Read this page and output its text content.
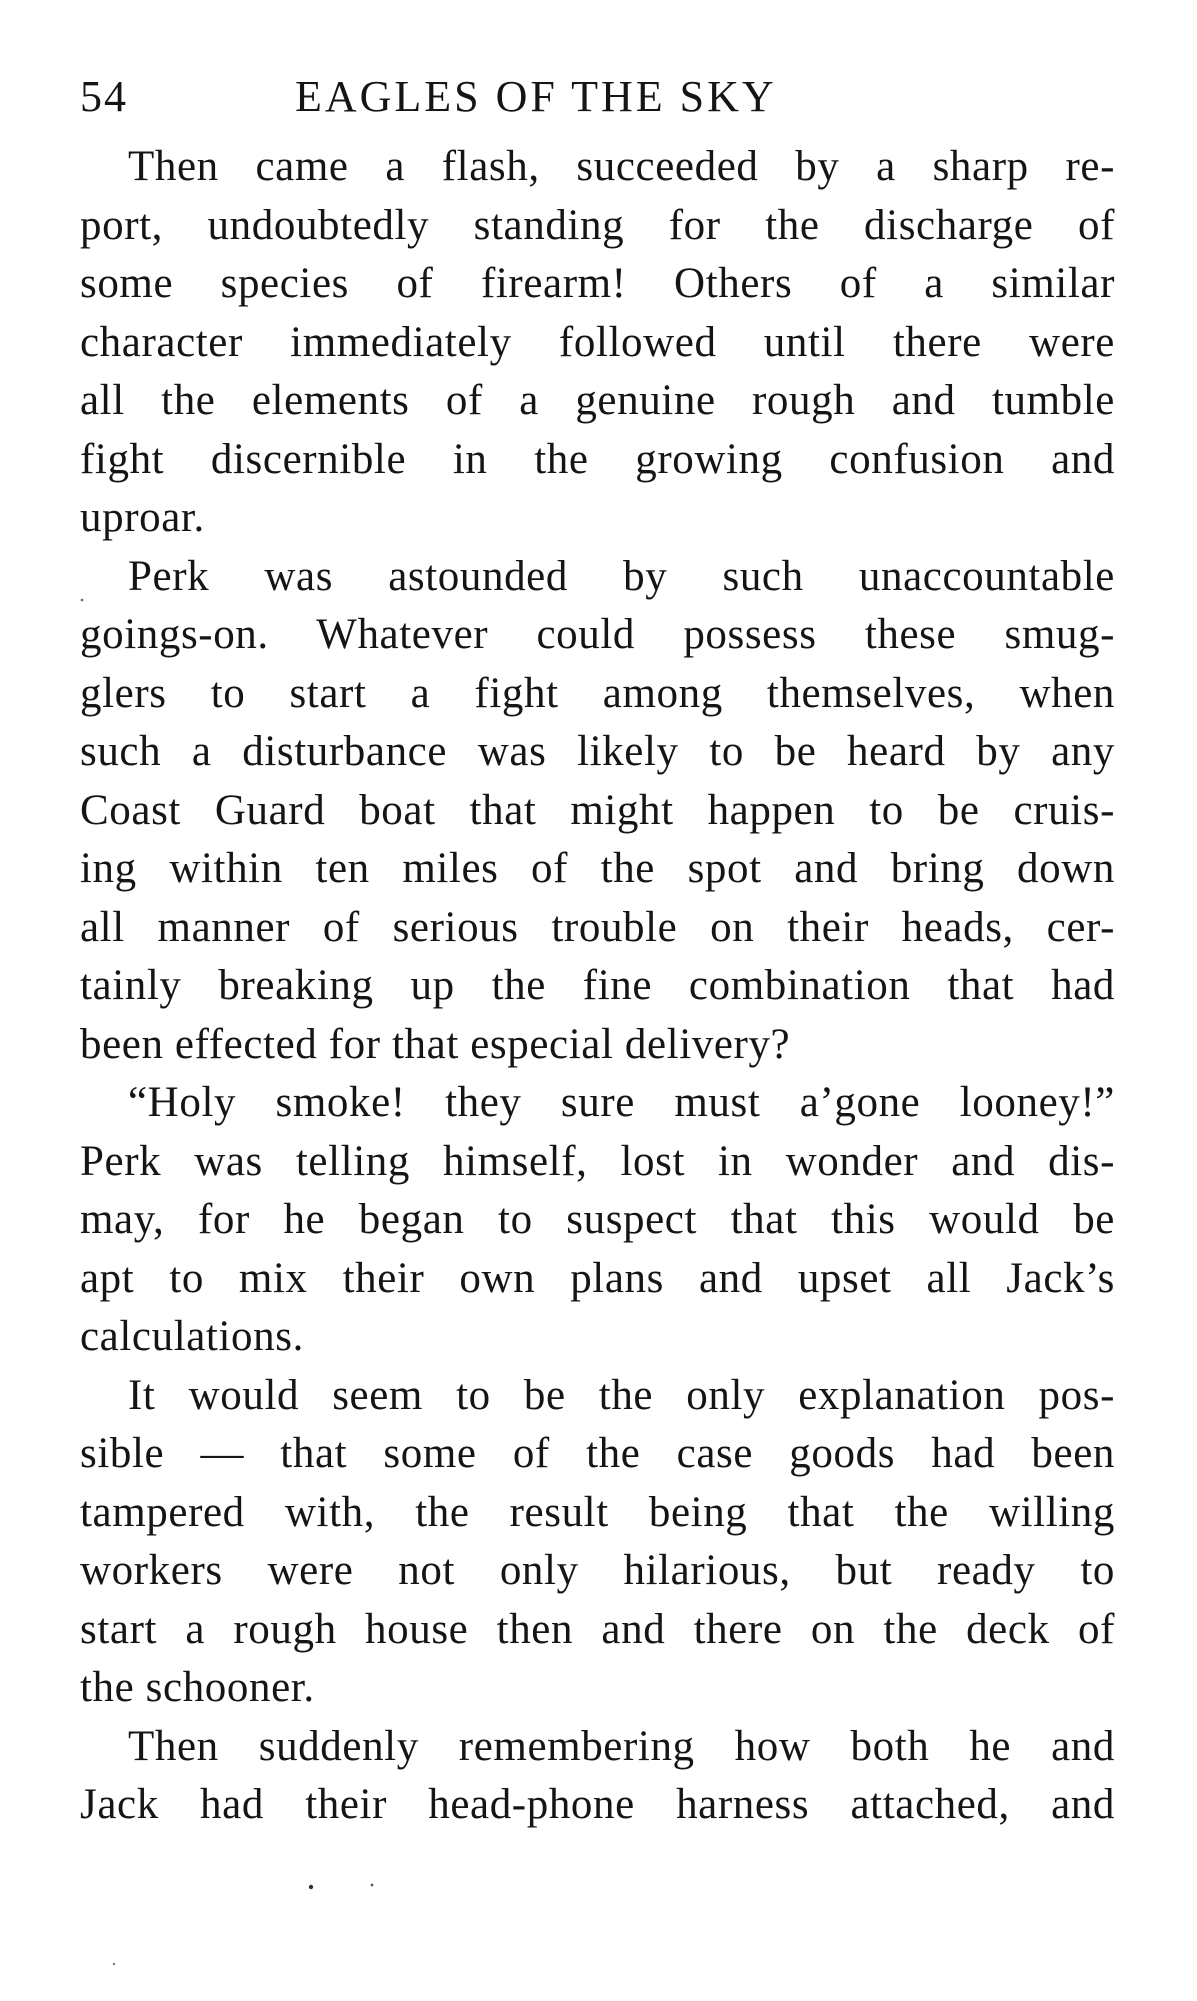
54	EAGLES OF THE SKY

Then came a flash, succeeded by a sharp re-
port, undoubtedly standing for the discharge of
some species of firearm! Others of a similar
character immediately followed until there were
all the elements of a genuine rough and tumble
fight discernible in the growing confusion and
uproar.

Perk was astounded by such unaccountable
goings-on. Whatever could possess these smug-
glers to start a fight among themselves, when
such a disturbance was likely to be heard by any
Coast Guard boat that might happen to be cruis-
ing within ten miles of the spot and bring down
all manner of serious trouble on their heads, cer-
tainly breaking up the fine combination that had
been effected for that especial delivery?

“Holy smoke! they sure must a’gone looney!”
Perk was telling himself, lost in wonder and dis-
may, for he began to suspect that this would be
apt to mix their own plans and upset all Jack’s
calculations.

It would seem to be the only explanation pos-
sible — that some of the case goods had been
tampered with, the result being that the willing
workers were not only hilarious, but ready to
start a rough house then and there on the deck of
the schooner.

Then suddenly remembering how both he and
Jack had their head-phone harness attached, and
